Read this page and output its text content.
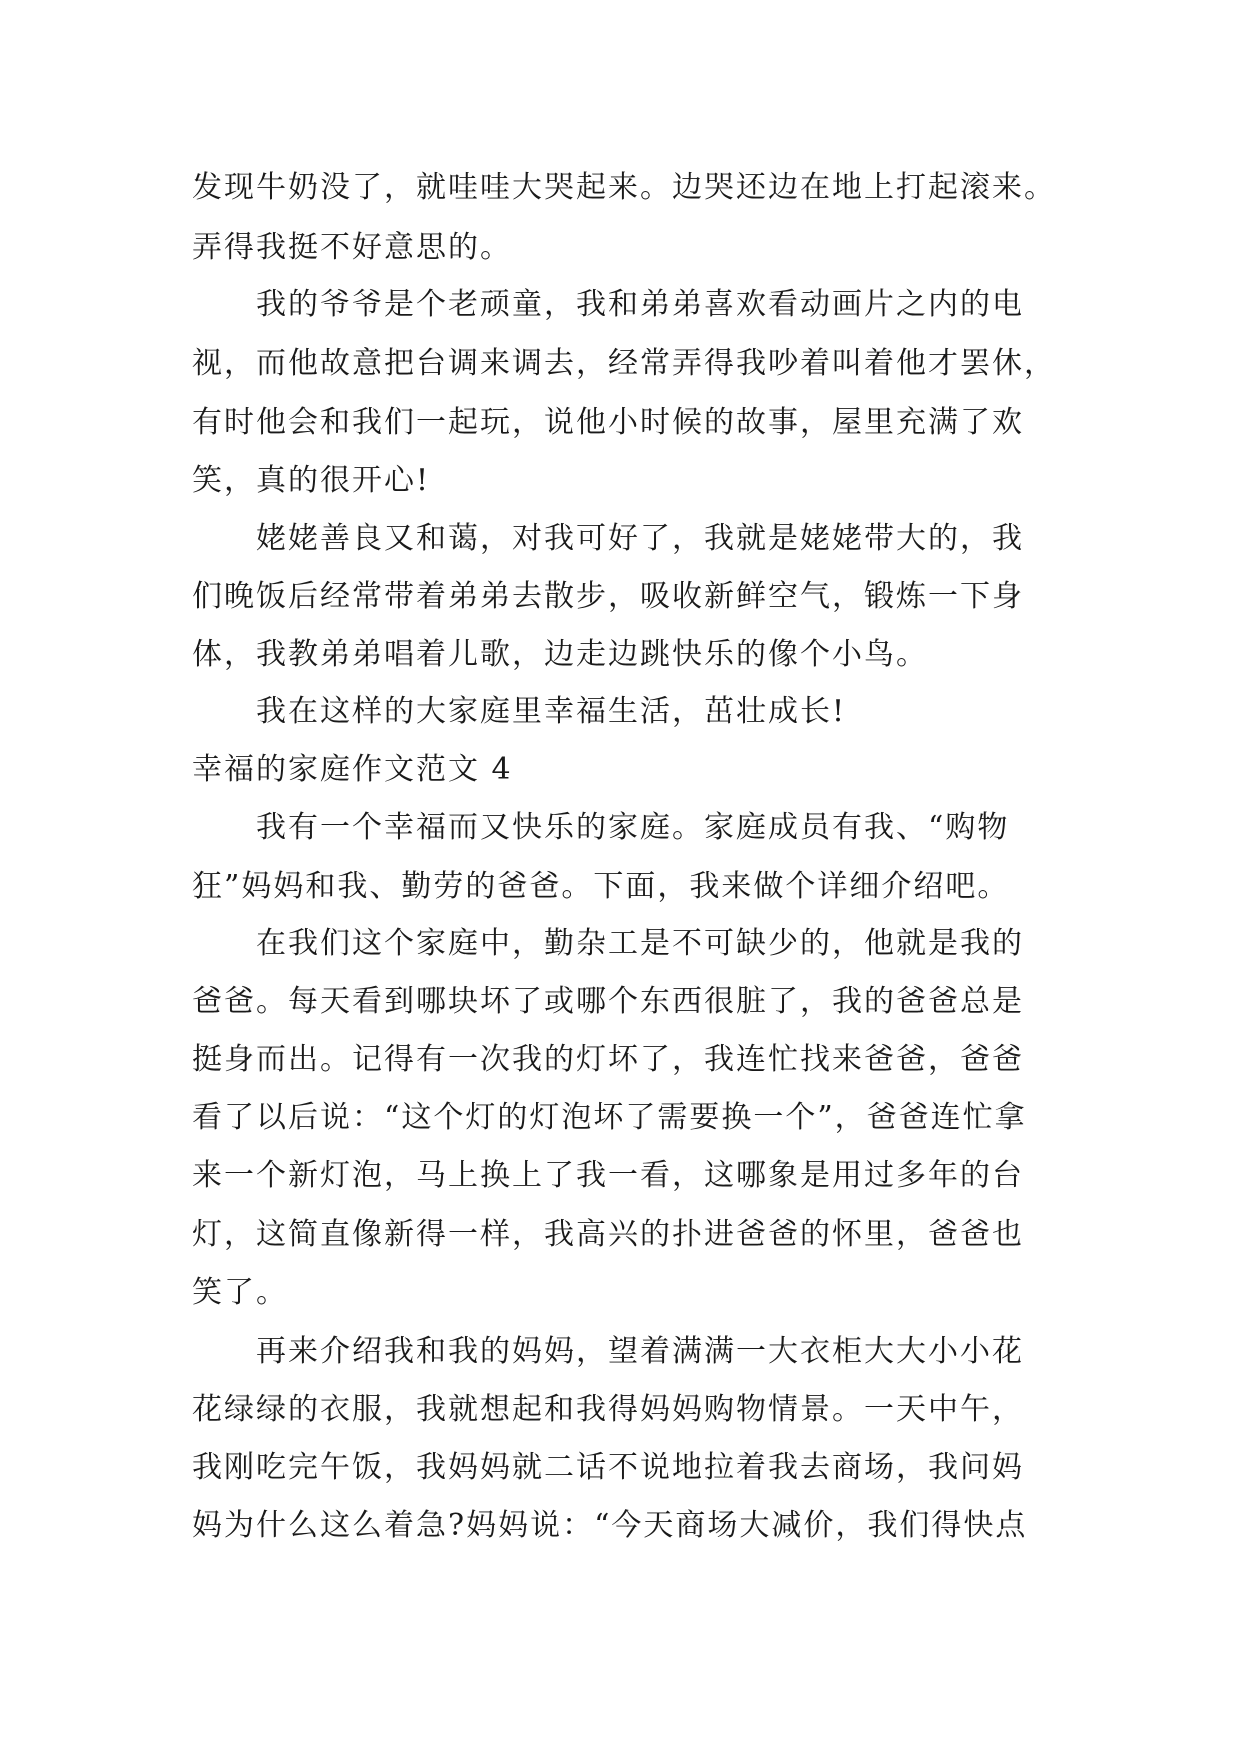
发现牛奶没了，就哇哇大哭起来。边哭还边在地上打起滚来。
弄得我挺不好意思的。
我的爷爷是个老顽童，我和弟弟喜欢看动画片之内的电
视，而他故意把台调来调去，经常弄得我吵着叫着他才罢休，
有时他会和我们一起玩，说他小时候的故事，屋里充满了欢
笑，真的很开心!
姥姥善良又和蔼，对我可好了，我就是姥姥带大的，我
们晚饭后经常带着弟弟去散步，吸收新鲜空气，锻炼一下身
体，我教弟弟唱着儿歌，边走边跳快乐的像个小鸟。
我在这样的大家庭里幸福生活，茁壮成长!
幸福的家庭作文范文 4
我有一个幸福而又快乐的家庭。家庭成员有我、“购物
狂”妈妈和我、勤劳的爸爸。下面，我来做个详细介绍吧。
在我们这个家庭中，勤杂工是不可缺少的，他就是我的
爸爸。每天看到哪块坏了或哪个东西很脏了，我的爸爸总是
挺身而出。记得有一次我的灯坏了，我连忙找来爸爸，爸爸
看了以后说：“这个灯的灯泡坏了需要换一个”，爸爸连忙拿
来一个新灯泡，马上换上了我一看，这哪象是用过多年的台
灯，这简直像新得一样，我高兴的扑进爸爸的怀里，爸爸也
笑了。
再来介绍我和我的妈妈，望着满满一大衣柜大大小小花
花绿绿的衣服，我就想起和我得妈妈购物情景。一天中午，
我刚吃完午饭，我妈妈就二话不说地拉着我去商场，我问妈
妈为什么这么着急?妈妈说：“今天商场大减价，我们得快点
